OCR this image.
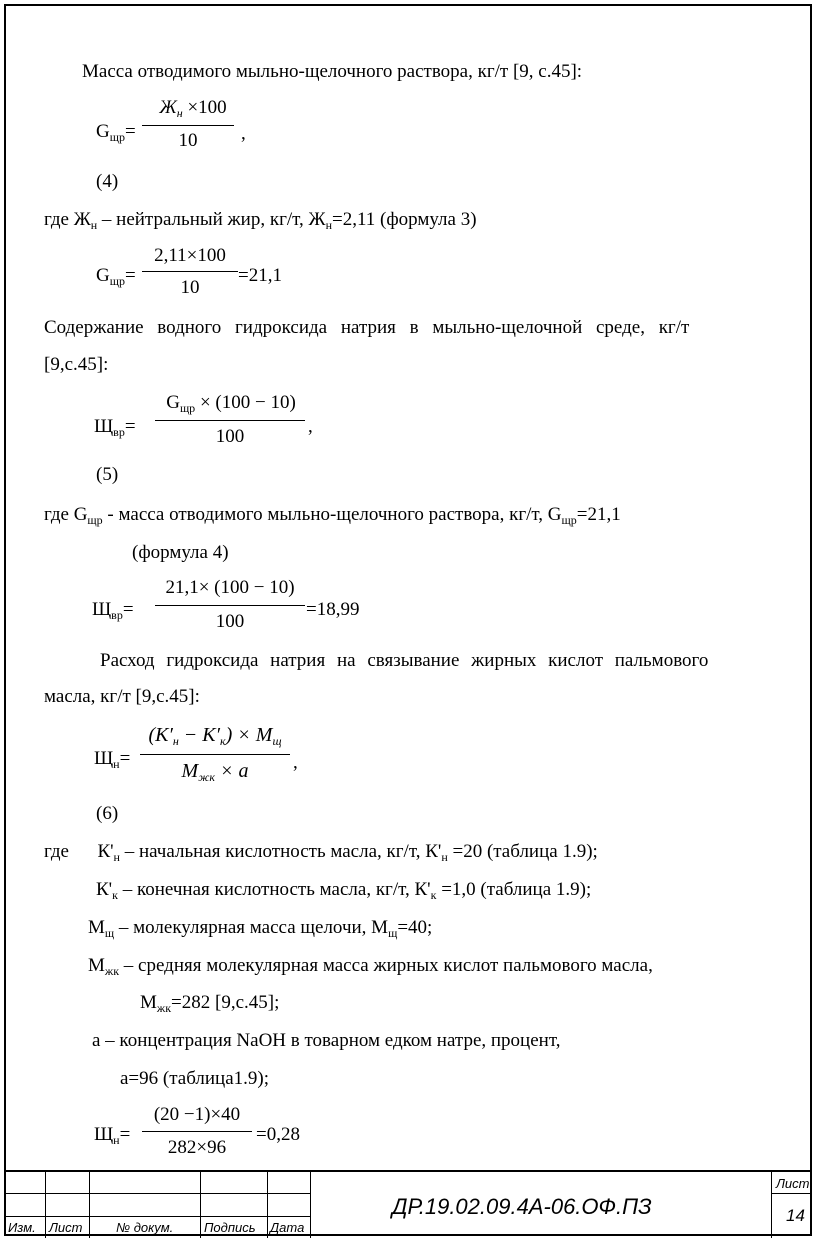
Масса отводимого мыльно-щелочного раствора, кг/т [9, с.45]:
$G_{щр}=$
$Ж_н \times 100$
10	,
(4)
где $Ж_н$ – нейтральный жир, кг/т, $Ж_н=2,11$ (формула 3)
$G_{щр}=$
2,11×100
10
=21,1
Содержание водного гидроксида натрия в мыльно-щелочной среде, кг/т
[9,с.45]:
$Щ_{вр}=$
$G_{щр} \times (100 - 10)$
100	,
(5)
где $G_{щр}$ - масса отводимого мыльно-щелочного раствора, кг/т, $G_{щр}=21,1$
(формула 4)
$Щ_{вр}=$
21,1× (100 − 10)
100
=18,99
Расход гидроксида натрия на связывание жирных кислот пальмового
масла, кг/т [9,с.45]:
$Щ_н=$
$(K'_н - K'_к) \times M_щ$
$M_{жк} \times a$	,
(6)
где      $К'_н$ – начальная кислотность масла, кг/т, $К'_н =20$ (таблица 1.9);
$К'_к$ – конечная кислотность масла, кг/т, $К'_к =1,0$ (таблица 1.9);
$М_щ$ – молекулярная масса щелочи, $М_щ=40$;
$М_{жк}$ – средняя молекулярная масса жирных кислот пальмового масла,
$М_{жк}=282$ [9,с.45];
а – концентрация NaOH в товарном едком натре, процент,
а=96 (таблица1.9);
$Щ_н=$
(20 −1)×40
282×96
=0,28
Изм. Лист	№ докум. Подпись Дата
ДР.19.02.09.4А-06.ОФ.ПЗ
Лист
14
